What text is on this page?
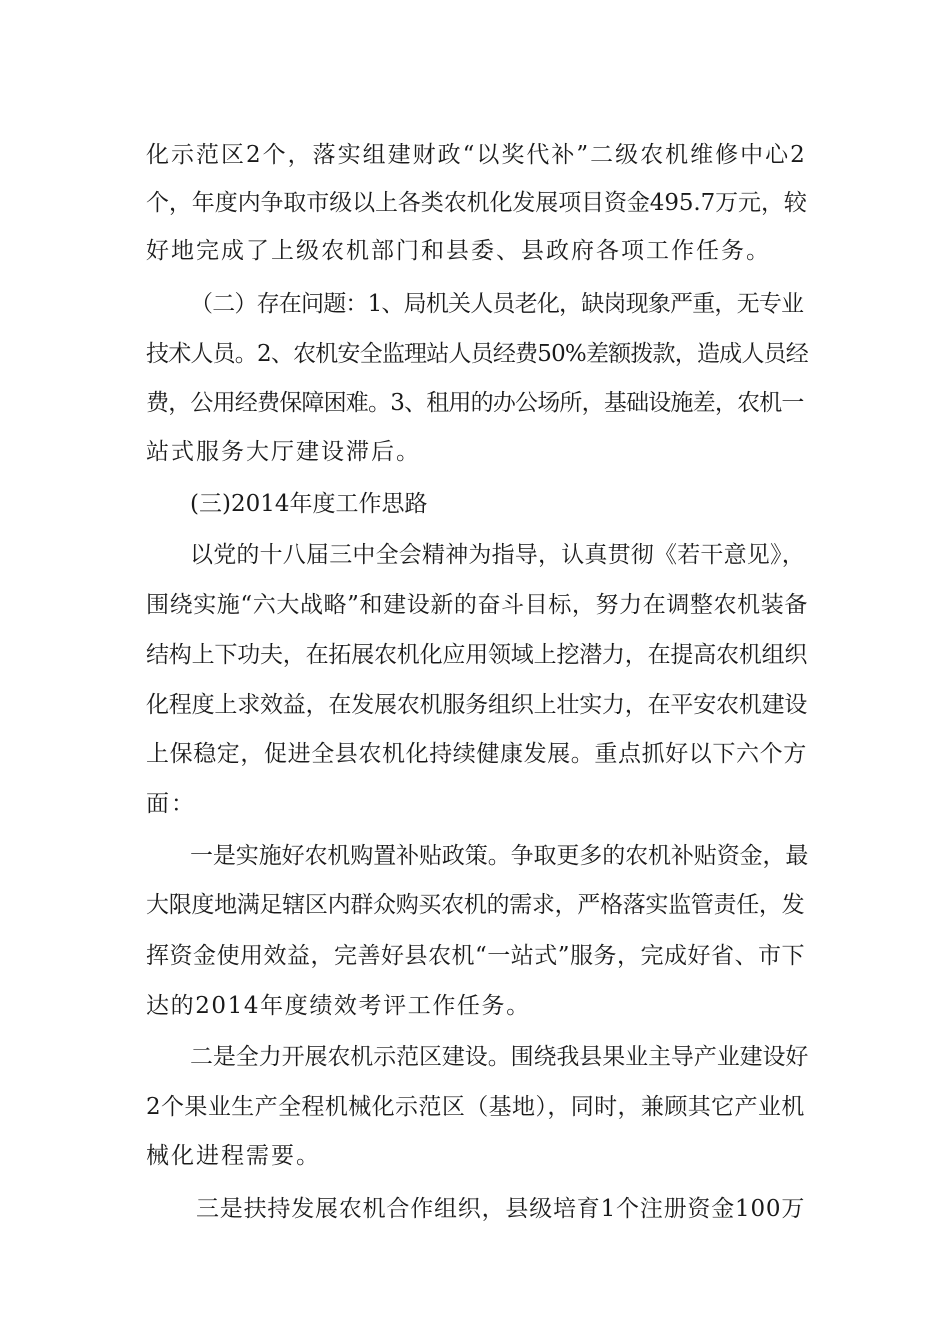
化示范区2个，落实组建财政“以奖代补”二级农机维修中心2
个，年度内争取市级以上各类农机化发展项目资金495.7万元，较
好地完成了上级农机部门和县委、县政府各项工作任务。
（二）存在问题：1、局机关人员老化，缺岗现象严重，无专业
技术人员。2、农机安全监理站人员经费50%差额拨款，造成人员经
费，公用经费保障困难。3、租用的办公场所，基础设施差，农机一
站式服务大厅建设滞后。
(三)2014年度工作思路
以党的十八届三中全会精神为指导，认真贯彻《若干意见》，
围绕实施“六大战略”和建设新的奋斗目标，努力在调整农机装备
结构上下功夫，在拓展农机化应用领域上挖潜力，在提高农机组织
化程度上求效益，在发展农机服务组织上壮实力，在平安农机建设
上保稳定，促进全县农机化持续健康发展。重点抓好以下六个方
面：
一是实施好农机购置补贴政策。争取更多的农机补贴资金，最
大限度地满足辖区内群众购买农机的需求，严格落实监管责任，发
挥资金使用效益，完善好县农机“一站式”服务，完成好省、市下
达的2014年度绩效考评工作任务。
二是全力开展农机示范区建设。围绕我县果业主导产业建设好
2个果业生产全程机械化示范区（基地），同时，兼顾其它产业机
械化进程需要。
三是扶持发展农机合作组织，县级培育1个注册资金100万
